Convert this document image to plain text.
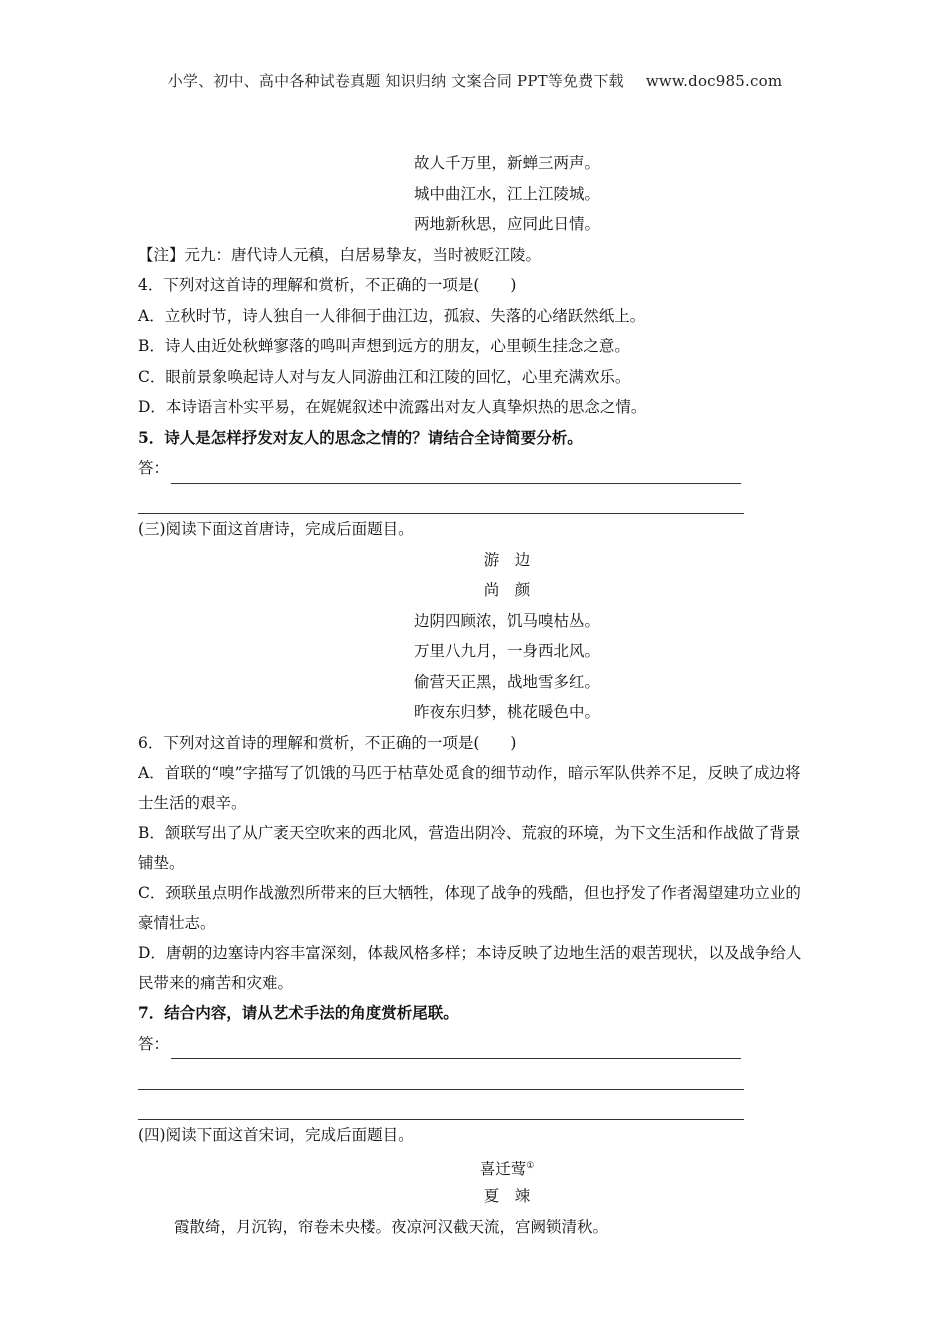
小学、初中、高中各种试卷真题 知识归纳 文案合同 PPT等免费下载 www.doc985.com
故人千万里，新蝉三两声。
城中曲江水，江上江陵城。
两地新秋思，应同此日情。
【注】元九：唐代诗人元稹，白居易挚友，当时被贬江陵。
4．下列对这首诗的理解和赏析，不正确的一项是(　　)
A．立秋时节，诗人独自一人徘徊于曲江边，孤寂、失落的心绪跃然纸上。
B．诗人由近处秋蝉寥落的鸣叫声想到远方的朋友，心里顿生挂念之意。
C．眼前景象唤起诗人对与友人同游曲江和江陵的回忆，心里充满欢乐。
D．本诗语言朴实平易，在娓娓叙述中流露出对友人真挚炽热的思念之情。
5．诗人是怎样抒发对友人的思念之情的？请结合全诗简要分析。
答：
(三)阅读下面这首唐诗，完成后面题目。
游　边
尚　颜
边阴四顾浓，饥马嗅枯丛。
万里八九月，一身西北风。
偷营天正黑，战地雪多红。
昨夜东归梦，桃花暖色中。
6．下列对这首诗的理解和赏析，不正确的一项是(　　)
A．首联的“嗅”字描写了饥饿的马匹于枯草处觅食的细节动作，暗示军队供养不足，反映了成边将士生活的艰辛。
B．颔联写出了从广袤天空吹来的西北风，营造出阴冷、荒寂的环境，为下文生活和作战做了背景铺垫。
C．颈联虽点明作战激烈所带来的巨大牺牲，体现了战争的残酷，但也抒发了作者渴望建功立业的豪情壮志。
D．唐朝的边塞诗内容丰富深刻，体裁风格多样；本诗反映了边地生活的艰苦现状，以及战争给人民带来的痛苦和灾难。
7．结合内容，请从艺术手法的角度赏析尾联。
答：
(四)阅读下面这首宋词，完成后面题目。
喜迁莺①
夏　竦
霞散绮，月沉钩，帘卷未央楼。夜凉河汉截天流，宫阙锁清秋。
